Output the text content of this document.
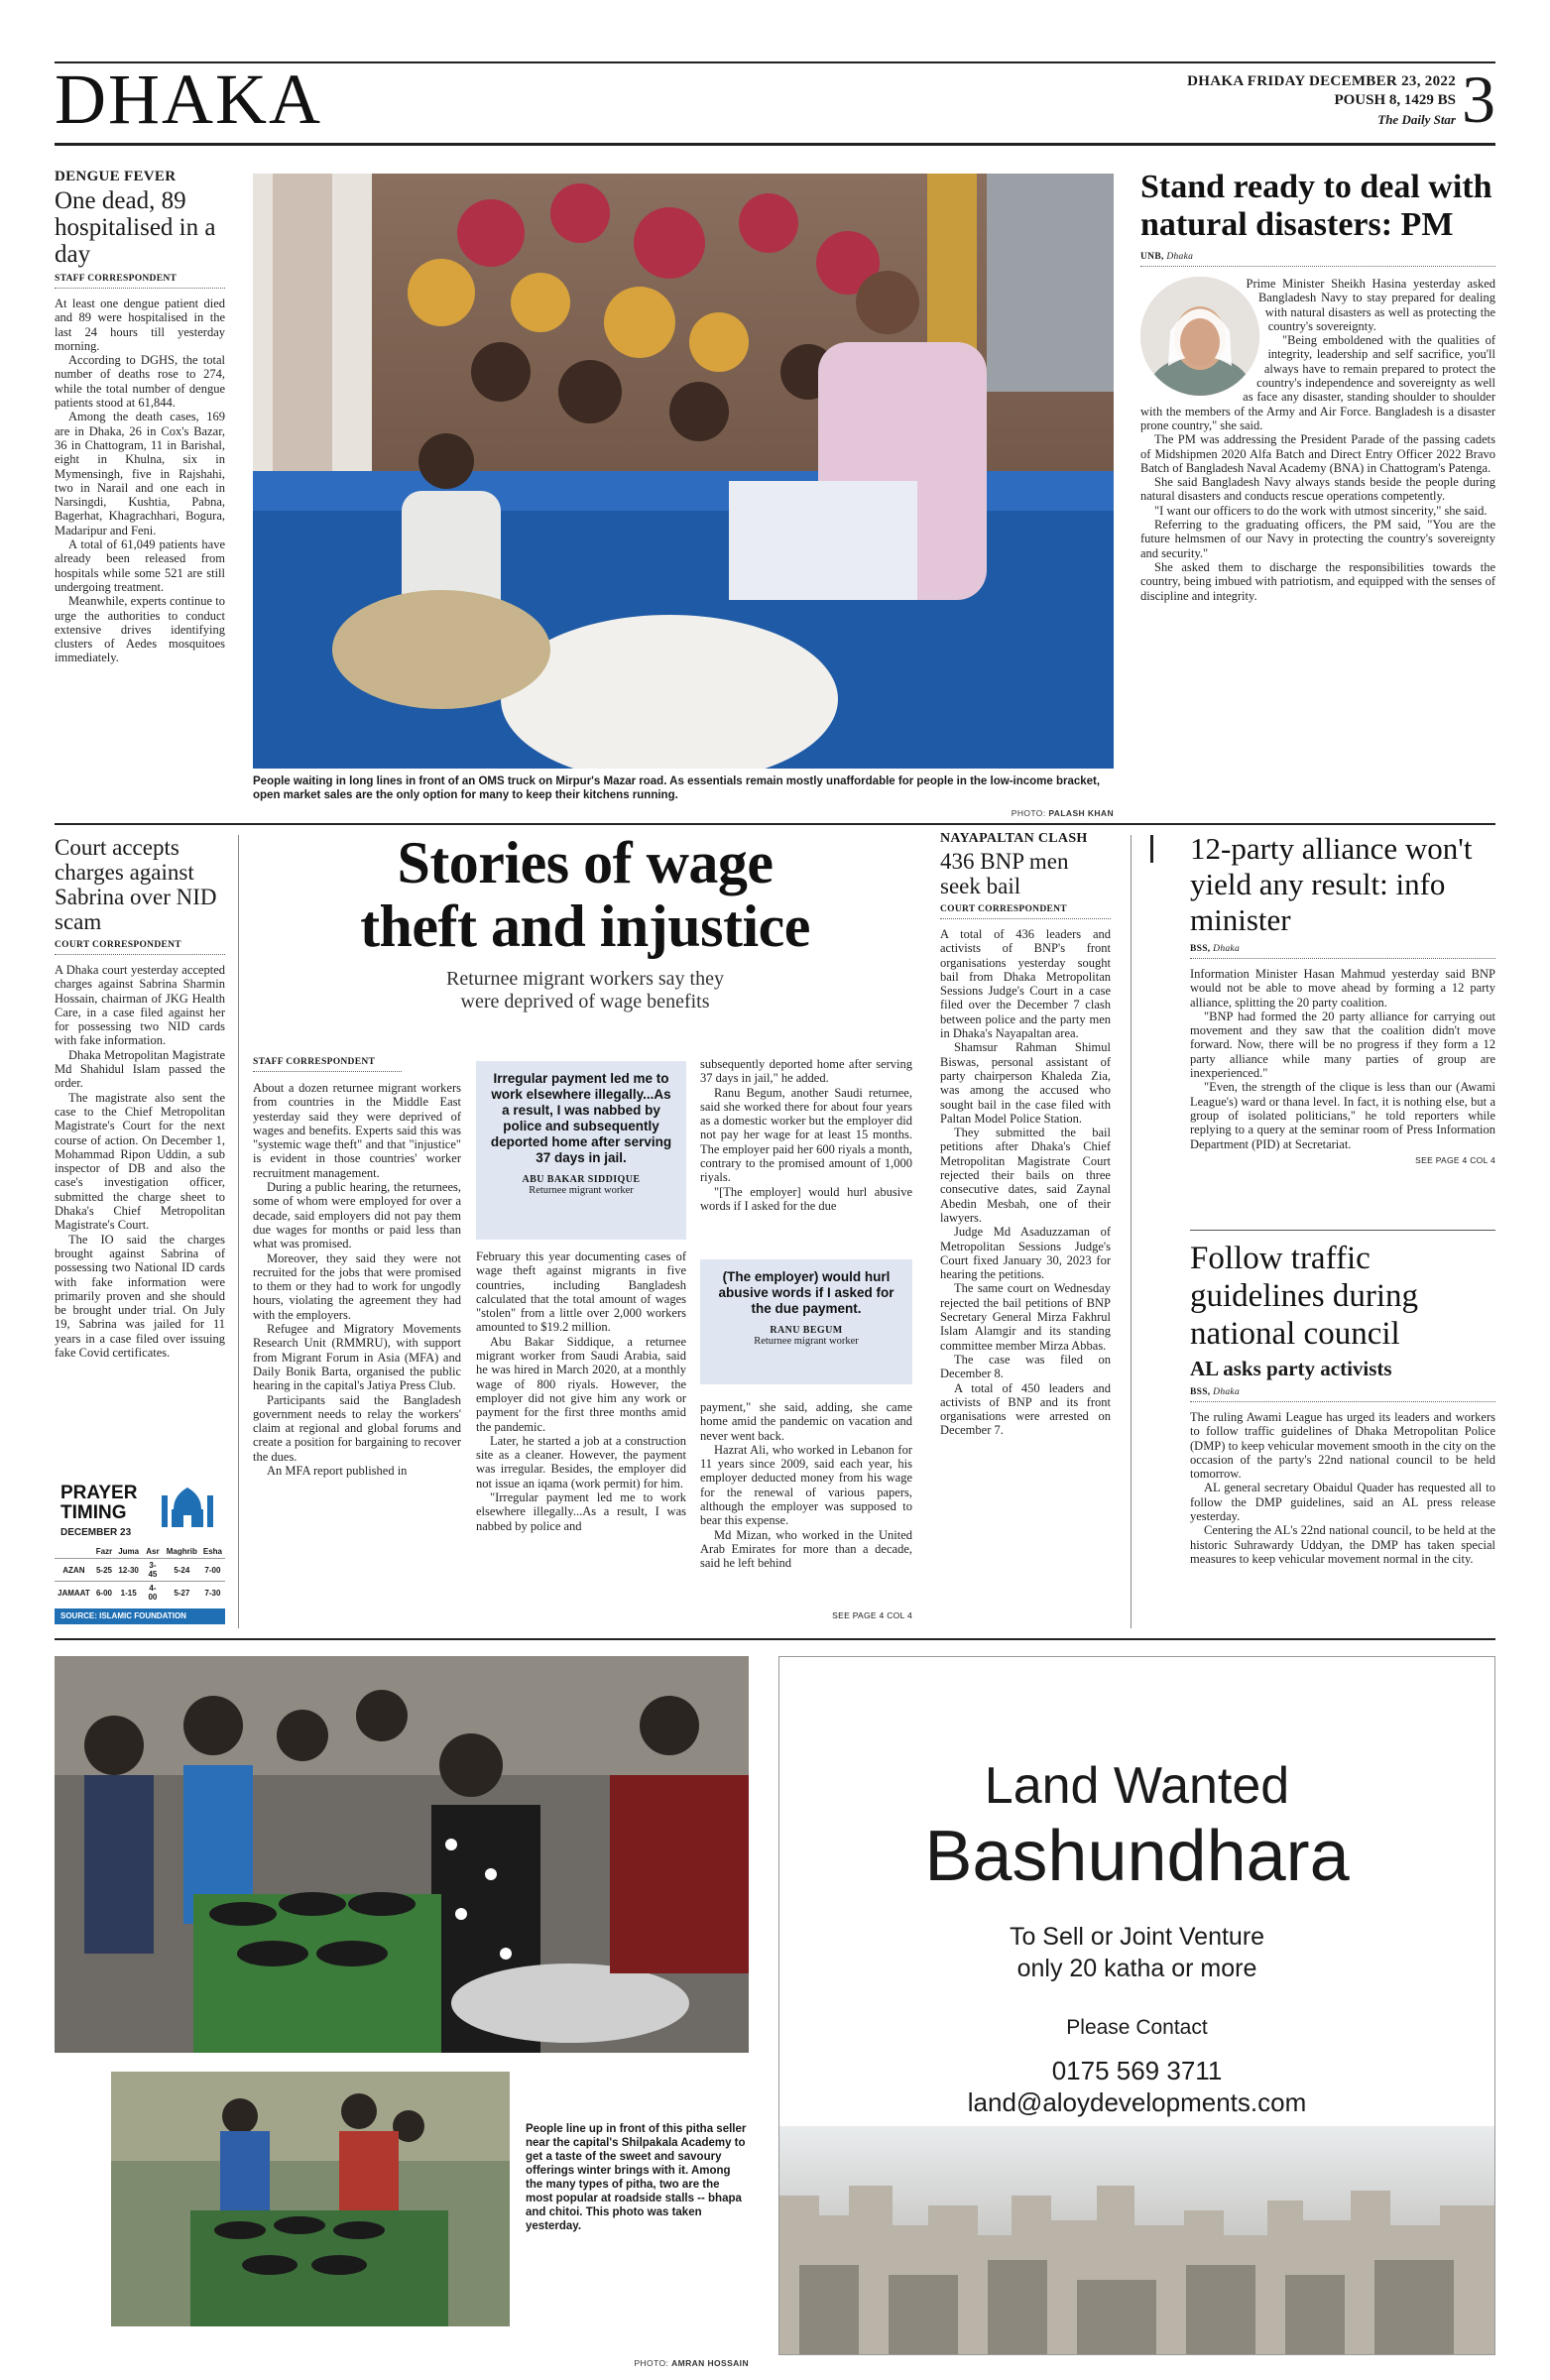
DHAKA	DHAKA FRIDAY DECEMBER 23, 2022
POUSH 8, 1429 BS
The Daily Star 3
DENGUE FEVER
One dead, 89 hospitalised in a day
STAFF CORRESPONDENT

At least one dengue patient died and 89 were hospitalised in the last 24 hours till yesterday morning.

According to DGHS, the total number of deaths rose to 274, while the total number of dengue patients stood at 61,844.

Among the death cases, 169 are in Dhaka, 26 in Cox's Bazar, 36 in Chattogram, 11 in Barishal, eight in Khulna, six in Mymensingh, five in Rajshahi, two in Narail and one each in Narsingdi, Kushtia, Pabna, Bagerhat, Khagrachhari, Bogura, Madaripur and Feni.

A total of 61,049 patients have already been released from hospitals while some 521 are still undergoing treatment.

Meanwhile, experts continue to urge the authorities to conduct extensive drives identifying clusters of Aedes mosquitoes immediately.

People waiting in long lines in front of an OMS truck on Mirpur's Mazar road. As essentials remain mostly unaffordable for people in the low-income bracket, open market sales are the only option for many to keep their kitchens running.
PHOTO: PALASH KHAN
Stand ready to deal with natural disasters: PM
UNB, Dhaka

Prime Minister Sheikh Hasina yesterday asked Bangladesh Navy to stay prepared for dealing with natural disasters as well as protecting the country's sovereignty.

"Being emboldened with the qualities of integrity, leadership and self sacrifice, you'll always have to remain prepared to protect the country's independence and sovereignty as well as face any disaster, standing shoulder to shoulder with the members of the Army and Air Force. Bangladesh is a disaster prone country," she said.

The PM was addressing the President Parade of the passing cadets of Midshipmen 2020 Alfa Batch and Direct Entry Officer 2022 Bravo Batch of Bangladesh Naval Academy (BNA) in Chattogram's Patenga.

She said Bangladesh Navy always stands beside the people during natural disasters and conducts rescue operations competently.

"I want our officers to do the work with utmost sincerity," she said.

Referring to the graduating officers, the PM said, "You are the future helmsmen of our Navy in protecting the country's sovereignty and security."

She asked them to discharge the responsibilities towards the country, being imbued with patriotism, and equipped with the senses of discipline and integrity.

Court accepts charges against Sabrina over NID scam
COURT CORRESPONDENT

A Dhaka court yesterday accepted charges against Sabrina Sharmin Hossain, chairman of JKG Health Care, in a case filed against her for possessing two NID cards with fake information.

Dhaka Metropolitan Magistrate Md Shahidul Islam passed the order.

The magistrate also sent the case to the Chief Metropolitan Magistrate's Court for the next course of action. On December 1, Mohammad Ripon Uddin, a sub inspector of DB and also the case's investigation officer, submitted the charge sheet to Dhaka's Chief Metropolitan Magistrate's Court.

The IO said the charges brought against Sabrina of possessing two National ID cards with fake information were primarily proven and she should be brought under trial. On July 19, Sabrina was jailed for 11 years in a case filed over issuing fake Covid certificates.

PRAYER
TIMING
DECEMBER 23
	Fazr	Juma	Asr	Maghrib	Esha
AZAN	5-25	12-30	3-45	5-24	7-00
JAMAAT	6-00	1-15	4-00	5-27	7-30
SOURCE: ISLAMIC FOUNDATION
Stories of wage
theft and injustice
Returnee migrant workers say they
were deprived of wage benefits
STAFF CORRESPONDENT

About a dozen returnee migrant workers from countries in the Middle East yesterday said they were deprived of wages and benefits. Experts said this was "systemic wage theft" and that "injustice" is evident in those countries' worker recruitment management.

During a public hearing, the returnees, some of whom were employed for over a decade, said employers did not pay them due wages for months or paid less than what was promised.

Moreover, they said they were not recruited for the jobs that were promised to them or they had to work for ungodly hours, violating the agreement they had with the employers.

Refugee and Migratory Movements Research Unit (RMMRU), with support from Migrant Forum in Asia (MFA) and Daily Bonik Barta, organised the public hearing in the capital's Jatiya Press Club.

Participants said the Bangladesh government needs to relay the workers' claim at regional and global forums and create a position for bargaining to recover the dues.

An MFA report published in

Irregular payment led me to work elsewhere illegally...As a result, I was nabbed by police and subsequently deported home after serving 37 days in jail.
ABU BAKAR SIDDIQUE
Returnee migrant worker

February this year documenting cases of wage theft against migrants in five countries, including Bangladesh calculated that the total amount of wages "stolen" from a little over 2,000 workers amounted to $19.2 million.

Abu Bakar Siddique, a returnee migrant worker from Saudi Arabia, said he was hired in March 2020, at a monthly wage of 800 riyals. However, the employer did not give him any work or payment for the first three months amid the pandemic.

Later, he started a job at a construction site as a cleaner. However, the payment was irregular. Besides, the employer did not issue an iqama (work permit) for him.

"Irregular payment led me to work elsewhere illegally...As a result, I was nabbed by police and

subsequently deported home after serving 37 days in jail," he added.

Ranu Begum, another Saudi returnee, said she worked there for about four years as a domestic worker but the employer did not pay her wage for at least 15 months. The employer paid her 600 riyals a month, contrary to the promised amount of 1,000 riyals.

"[The employer] would hurl abusive words if I asked for the due

(The employer) would hurl abusive words if I asked for the due payment.
RANU BEGUM
Returnee migrant worker

payment," she said, adding, she came home amid the pandemic on vacation and never went back.

Hazrat Ali, who worked in Lebanon for 11 years since 2009, said each year, his employer deducted money from his wage for the renewal of various papers, although the employer was supposed to bear this expense.

Md Mizan, who worked in the United Arab Emirates for more than a decade, said he left behind

SEE PAGE 4 COL 4
NAYAPALTAN CLASH
436 BNP men seek bail
COURT CORRESPONDENT

A total of 436 leaders and activists of BNP's front organisations yesterday sought bail from Dhaka Metropolitan Sessions Judge's Court in a case filed over the December 7 clash between police and the party men in Dhaka's Nayapaltan area.

Shamsur Rahman Shimul Biswas, personal assistant of party chairperson Khaleda Zia, was among the accused who sought bail in the case filed with Paltan Model Police Station.

They submitted the bail petitions after Dhaka's Chief Metropolitan Magistrate Court rejected their bails on three consecutive dates, said Zaynal Abedin Mesbah, one of their lawyers.

Judge Md Asaduzzaman of Metropolitan Sessions Judge's Court fixed January 30, 2023 for hearing the petitions.

The same court on Wednesday rejected the bail petitions of BNP Secretary General Mirza Fakhrul Islam Alamgir and its standing committee member Mirza Abbas.

The case was filed on December 8.

A total of 450 leaders and activists of BNP and its front organisations were arrested on December 7.

12-party alliance won't yield any result: info minister
BSS, Dhaka

Information Minister Hasan Mahmud yesterday said BNP would not be able to move ahead by forming a 12 party alliance, splitting the 20 party coalition.

"BNP had formed the 20 party alliance for carrying out movement and they saw that the coalition didn't move forward. Now, there will be no progress if they form a 12 party alliance while many parties of group are inexperienced."

"Even, the strength of the clique is less than our (Awami League's) ward or thana level. In fact, it is nothing else, but a group of isolated politicians," he told reporters while replying to a query at the seminar room of Press Information Department (PID) at Secretariat.

SEE PAGE 4 COL 4
Follow traffic guidelines during national council
AL asks party activists
BSS, Dhaka

The ruling Awami League has urged its leaders and workers to follow traffic guidelines of Dhaka Metropolitan Police (DMP) to keep vehicular movement smooth in the city on the occasion of the party's 22nd national council to be held tomorrow.

AL general secretary Obaidul Quader has requested all to follow the DMP guidelines, said an AL press release yesterday.

Centering the AL's 22nd national council, to be held at the historic Suhrawardy Uddyan, the DMP has taken special measures to keep vehicular movement normal in the city.

People line up in front of this pitha seller near the capital's Shilpakala Academy to get a taste of the sweet and savoury offerings winter brings with it. Among the many types of pitha, two are the most popular at roadside stalls -- bhapa and chitoi. This photo was taken yesterday.
PHOTO: AMRAN HOSSAIN
Land Wanted
Bashundhara
To Sell or Joint Venture
only 20 katha or more
Please Contact
0175 569 3711
land@aloydevelopments.com
